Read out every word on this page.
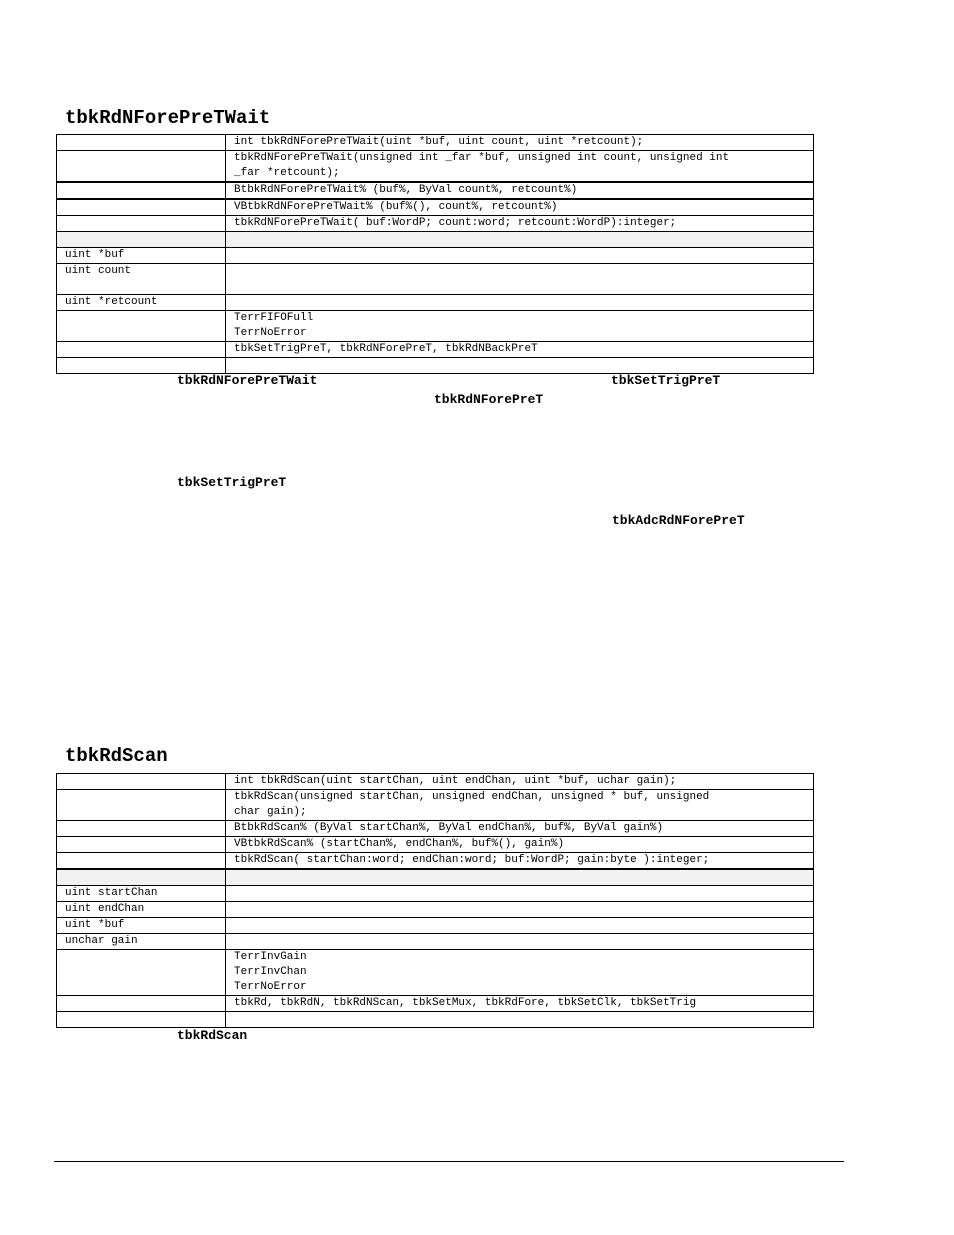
tbkRdNForePreTWait

	int tbkRdNForePreTWait(uint *buf, uint count, uint *retcount);

	tbkRdNForePreTWait(unsigned int _far *buf, unsigned int count, unsigned int
_far *retcount);

	BtbkRdNForePreTWait% (buf%, ByVal count%, retcount%)

	VBtbkRdNForePreTWait% (buf%(), count%, retcount%)

	tbkRdNForePreTWait( buf:WordP; count:word; retcount:WordP):integer;

uint *buf	

uint count	

uint *retcount	

	TerrFIFOFull
TerrNoError

	tbkSetTrigPreT, tbkRdNForePreT, tbkRdNBackPreT

tbkRdNForePreTWait	tbkSetTrigPreT
tbkRdNForePreT
tbkSetTrigPreT
tbkAdcRdNForePreT
tbkRdScan

	int tbkRdScan(uint startChan, uint endChan, uint *buf, uchar gain);

	tbkRdScan(unsigned startChan, unsigned endChan, unsigned * buf, unsigned
char gain);

	BtbkRdScan% (ByVal startChan%, ByVal endChan%, buf%, ByVal gain%)

	VBtbkRdScan% (startChan%, endChan%, buf%(), gain%)

	tbkRdScan( startChan:word; endChan:word; buf:WordP; gain:byte ):integer;

uint startChan	

uint endChan	

uint *buf	

unchar gain	

	TerrInvGain
TerrInvChan
TerrNoError

	tbkRd, tbkRdN, tbkRdNScan, tbkSetMux, tbkRdFore, tbkSetClk, tbkSetTrig

tbkRdScan
